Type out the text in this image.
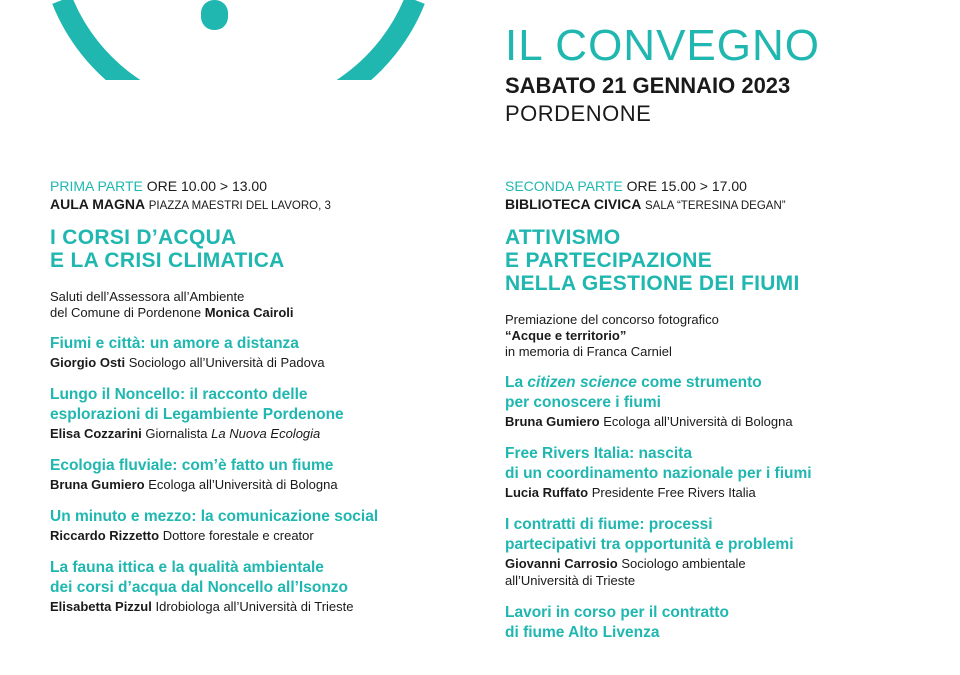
IL CONVEGNO
SABATO 21 GENNAIO 2023
PORDENONE
PRIMA PARTE ORE 10.00 > 13.00
AULA MAGNA PIAZZA MAESTRI DEL LAVORO, 3
I CORSI D’ACQUA
E LA CRISI CLIMATICA
Saluti dell’Assessora all’Ambiente
del Comune di Pordenone Monica Cairoli
Fiumi e città: un amore a distanza
Giorgio Osti Sociologo all’Università di Padova
Lungo il Noncello: il racconto delle
esplorazioni di Legambiente Pordenone
Elisa Cozzarini Giornalista La Nuova Ecologia
Ecologia fluviale: com’è fatto un fiume
Bruna Gumiero Ecologa all’Università di Bologna
Un minuto e mezzo: la comunicazione social
Riccardo Rizzetto Dottore forestale e creator
La fauna ittica e la qualità ambientale
dei corsi d’acqua dal Noncello all’Isonzo
Elisabetta Pizzul Idrobiologa all’Università di Trieste
SECONDA PARTE ORE 15.00 > 17.00
BIBLIOTECA CIVICA SALA “TERESINA DEGAN”
ATTIVISMO
E PARTECIPAZIONE
NELLA GESTIONE DEI FIUMI
Premiazione del concorso fotografico
“Acque e territorio”
in memoria di Franca Carniel
La citizen science come strumento
per conoscere i fiumi
Bruna Gumiero Ecologa all’Università di Bologna
Free Rivers Italia: nascita
di un coordinamento nazionale per i fiumi
Lucia Ruffato Presidente Free Rivers Italia
I contratti di fiume: processi
partecipativi tra opportunità e problemi
Giovanni Carrosio Sociologo ambientale
all’Università di Trieste
Lavori in corso per il contratto
di fiume Alto Livenza
